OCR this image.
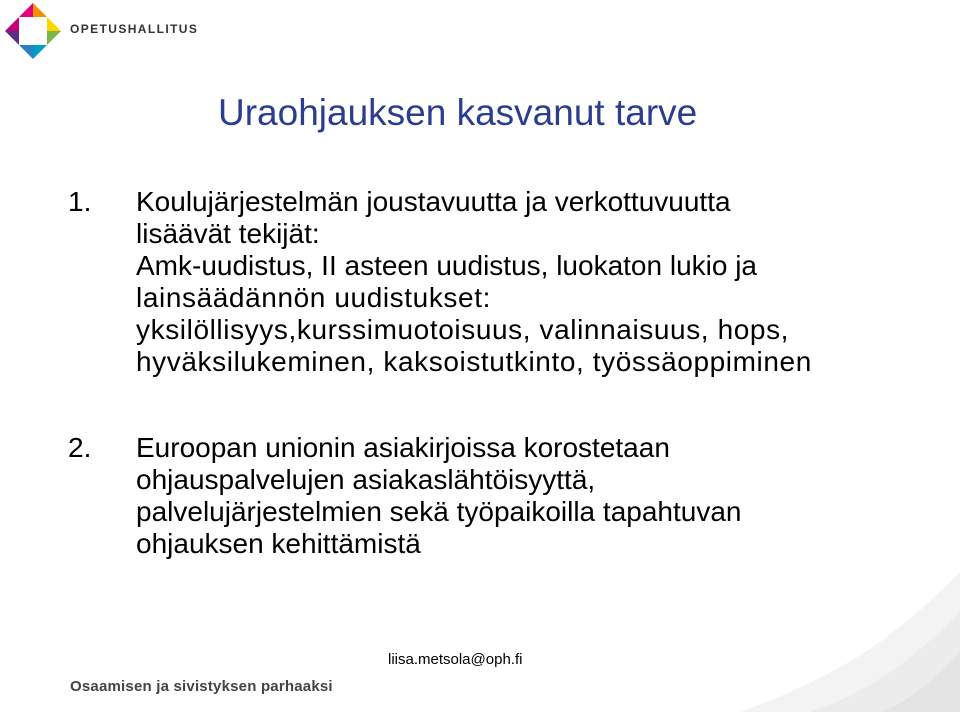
OPETUSHALLITUS
Uraohjauksen kasvanut tarve
1. Koulujärjestelmän joustavuutta ja verkottuvuutta
lisäävät tekijät:
Amk-uudistus, II asteen uudistus, luokaton lukio ja
lainsäädännön uudistukset:
yksilöllisyys,kurssimuotoisuus, valinnaisuus, hops,
hyväksilukeminen, kaksoistutkinto, työssäoppiminen
2. Euroopan unionin asiakirjoissa korostetaan
ohjauspalvelujen asiakaslähtöisyyttä,
palvelujärjestelmien sekä työpaikoilla tapahtuvan
ohjauksen kehittämistä
liisa.metsola@oph.fi
Osaamisen ja sivistyksen parhaaksi
